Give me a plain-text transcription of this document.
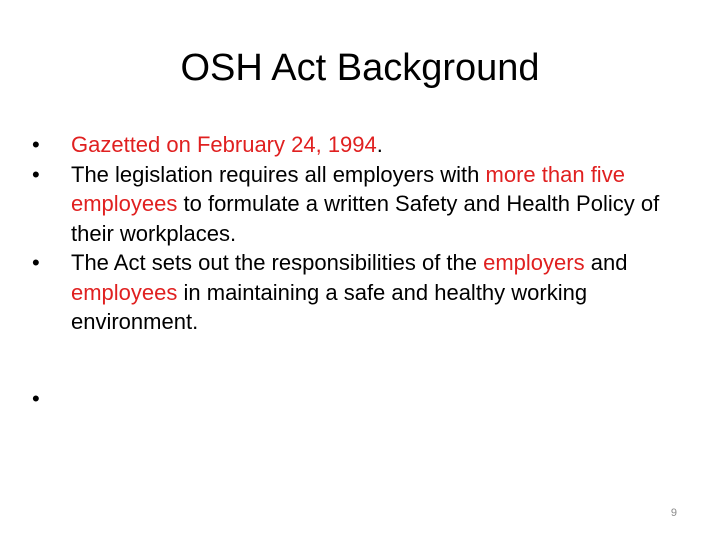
OSH Act Background
•	Gazetted on February 24, 1994.
•	The legislation requires all employers with more than five employees to formulate a written Safety and Health Policy of their workplaces.
•	The Act sets out the responsibilities of the employers and employees in maintaining a safe and healthy working environment.
•
9
